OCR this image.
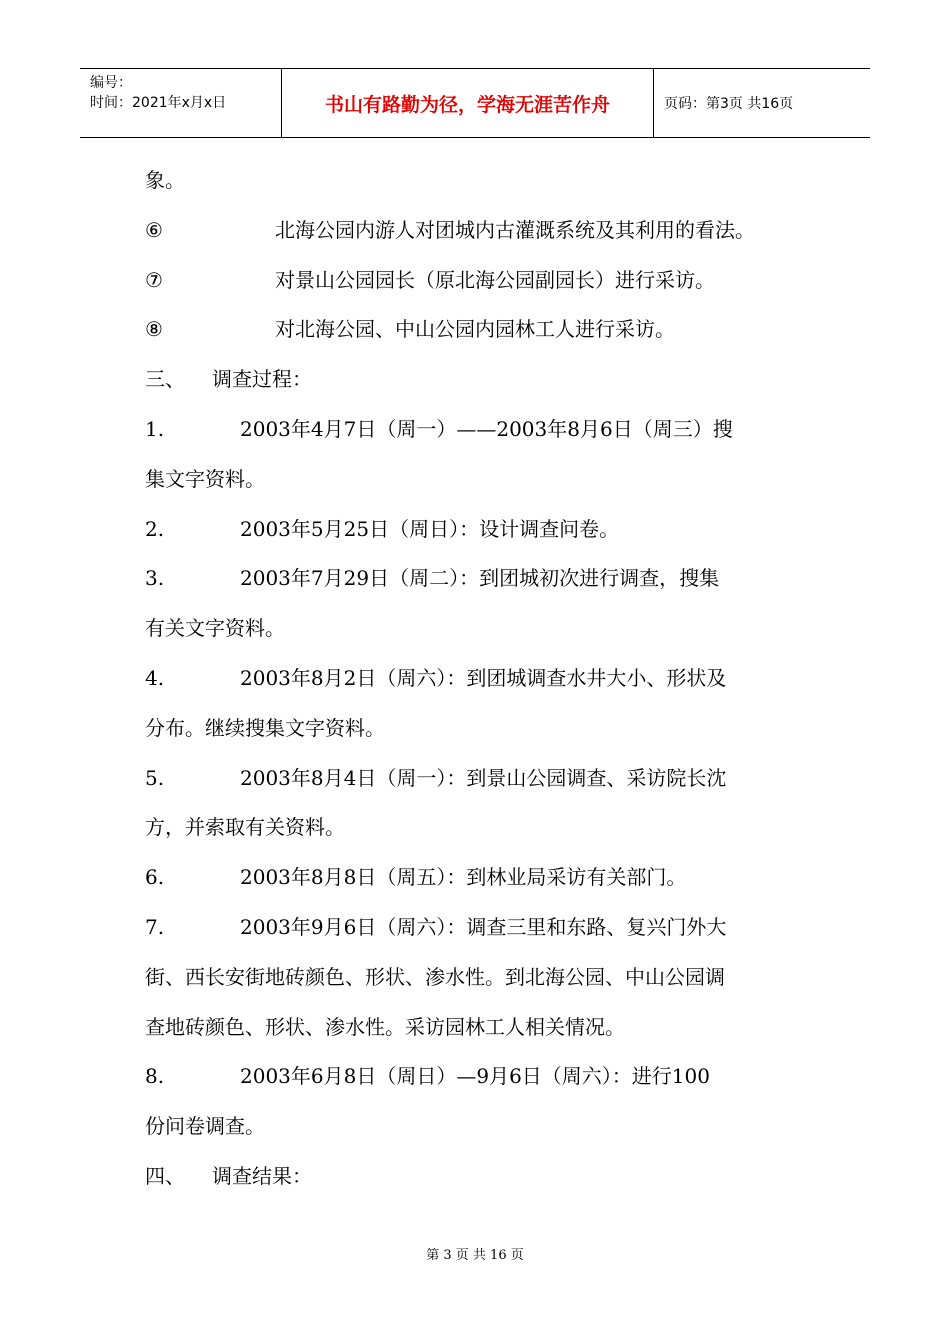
编号：
时间：2021年x月x日	书山有路勤为径，学海无涯苦作舟	页码：第3页 共16页
象。
⑥	北海公园内游人对团城内古灌溉系统及其利用的看法。
⑦	对景山公园园长（原北海公园副园长）进行采访。
⑧	对北海公园、中山公园内园林工人进行采访。
三、 调查过程：
1.	2003年4月7日（周一）——2003年8月6日（周三）搜
集文字资料。
2.	2003年5月25日（周日）：设计调查问卷。
3.	2003年7月29日（周二）：到团城初次进行调查，搜集
有关文字资料。
4.	2003年8月2日（周六）：到团城调查水井大小、形状及
分布。继续搜集文字资料。
5.	2003年8月4日（周一）：到景山公园调查、采访院长沈
方，并索取有关资料。
6.	2003年8月8日（周五）：到林业局采访有关部门。
7.	2003年9月6日（周六）：调查三里和东路、复兴门外大
街、西长安街地砖颜色、形状、渗水性。到北海公园、中山公园调
查地砖颜色、形状、渗水性。采访园林工人相关情况。
8.	2003年6月8日（周日）—9月6日（周六）：进行100
份问卷调查。
四、 调查结果：
第 3 页 共 16 页
